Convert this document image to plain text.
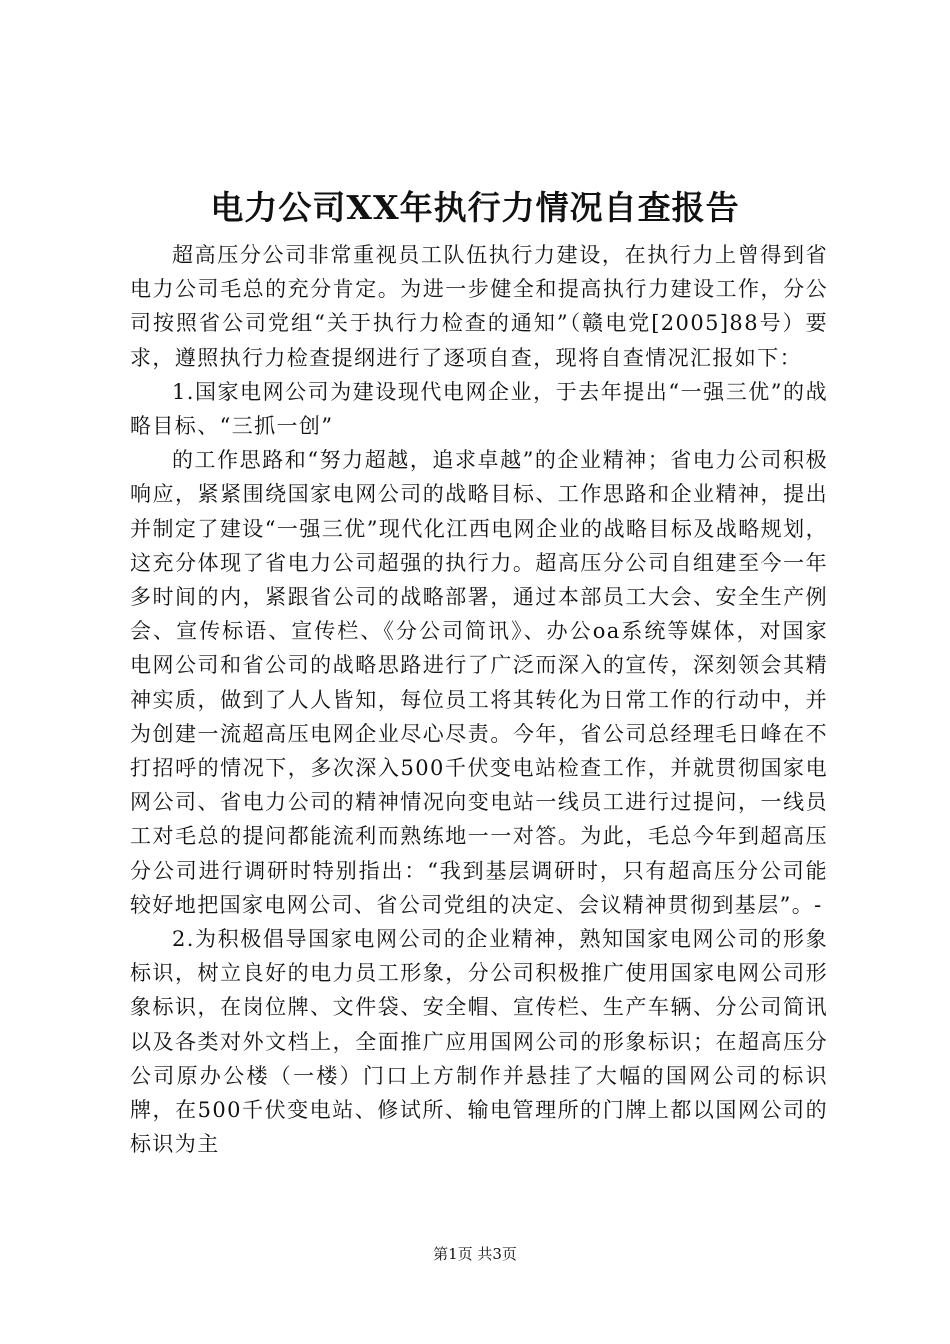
电力公司XX年执行力情况自查报告

超高压分公司非常重视员工队伍执行力建设，在执行力上曾得到省电力公司毛总的充分肯定。为进一步健全和提高执行力建设工作，分公司按照省公司党组“关于执行力检查的通知”（赣电党[2005]88号）要求，遵照执行力检查提纲进行了逐项自查，现将自查情况汇报如下：

1.国家电网公司为建设现代电网企业，于去年提出“一强三优”的战略目标、“三抓一创”

的工作思路和“努力超越，追求卓越”的企业精神；省电力公司积极响应，紧紧围绕国家电网公司的战略目标、工作思路和企业精神，提出并制定了建设“一强三优”现代化江西电网企业的战略目标及战略规划，这充分体现了省电力公司超强的执行力。超高压分公司自组建至今一年多时间的内，紧跟省公司的战略部署，通过本部员工大会、安全生产例会、宣传标语、宣传栏、《分公司简讯》、办公oa系统等媒体，对国家电网公司和省公司的战略思路进行了广泛而深入的宣传，深刻领会其精神实质，做到了人人皆知，每位员工将其转化为日常工作的行动中，并为创建一流超高压电网企业尽心尽责。今年，省公司总经理毛日峰在不打招呼的情况下，多次深入500千伏变电站检查工作，并就贯彻国家电网公司、省电力公司的精神情况向变电站一线员工进行过提问，一线员工对毛总的提问都能流利而熟练地一一对答。为此，毛总今年到超高压分公司进行调研时特别指出：“我到基层调研时，只有超高压分公司能较好地把国家电网公司、省公司党组的决定、会议精神贯彻到基层”。-

2.为积极倡导国家电网公司的企业精神，熟知国家电网公司的形象标识，树立良好的电力员工形象，分公司积极推广使用国家电网公司形象标识，在岗位牌、文件袋、安全帽、宣传栏、生产车辆、分公司简讯以及各类对外文档上，全面推广应用国网公司的形象标识；在超高压分公司原办公楼（一楼）门口上方制作并悬挂了大幅的国网公司的标识牌，在500千伏变电站、修试所、输电管理所的门牌上都以国网公司的标识为主

第1页 共3页
